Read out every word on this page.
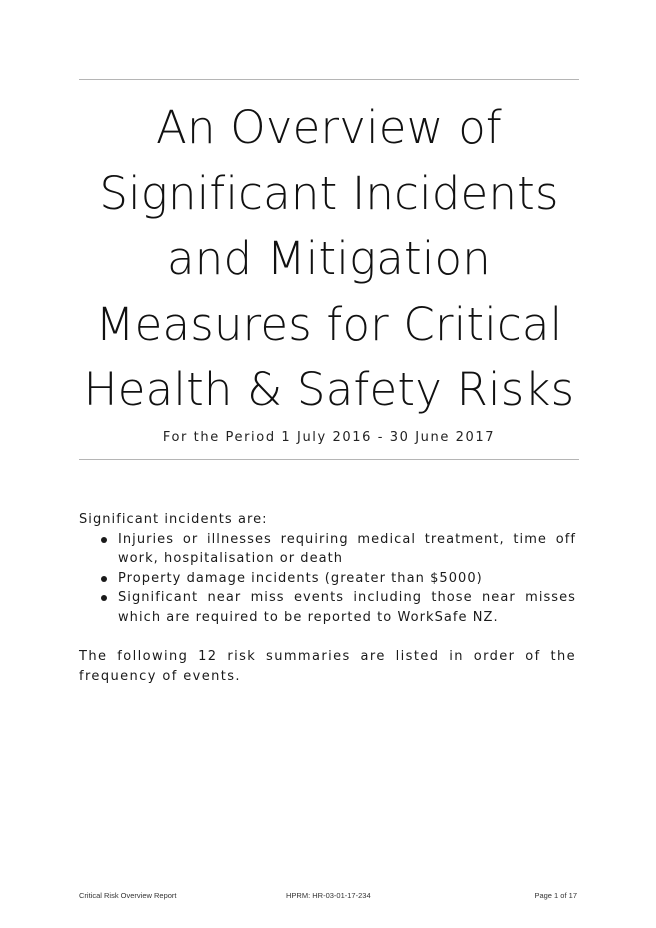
An Overview of
Significant Incidents
and Mitigation
Measures for Critical
Health & Safety Risks
For the Period 1 July 2016 - 30 June 2017

Significant incidents are:

Injuries or illnesses requiring medical treatment, time off work, hospitalisation or death
Property damage incidents (greater than $5000)
Significant near miss events including those near misses which are required to be reported to WorkSafe NZ.

The following 12 risk summaries are listed in order of the frequency of events.

Critical Risk Overview Report	HPRM: HR-03-01-17-234	Page 1 of 17
